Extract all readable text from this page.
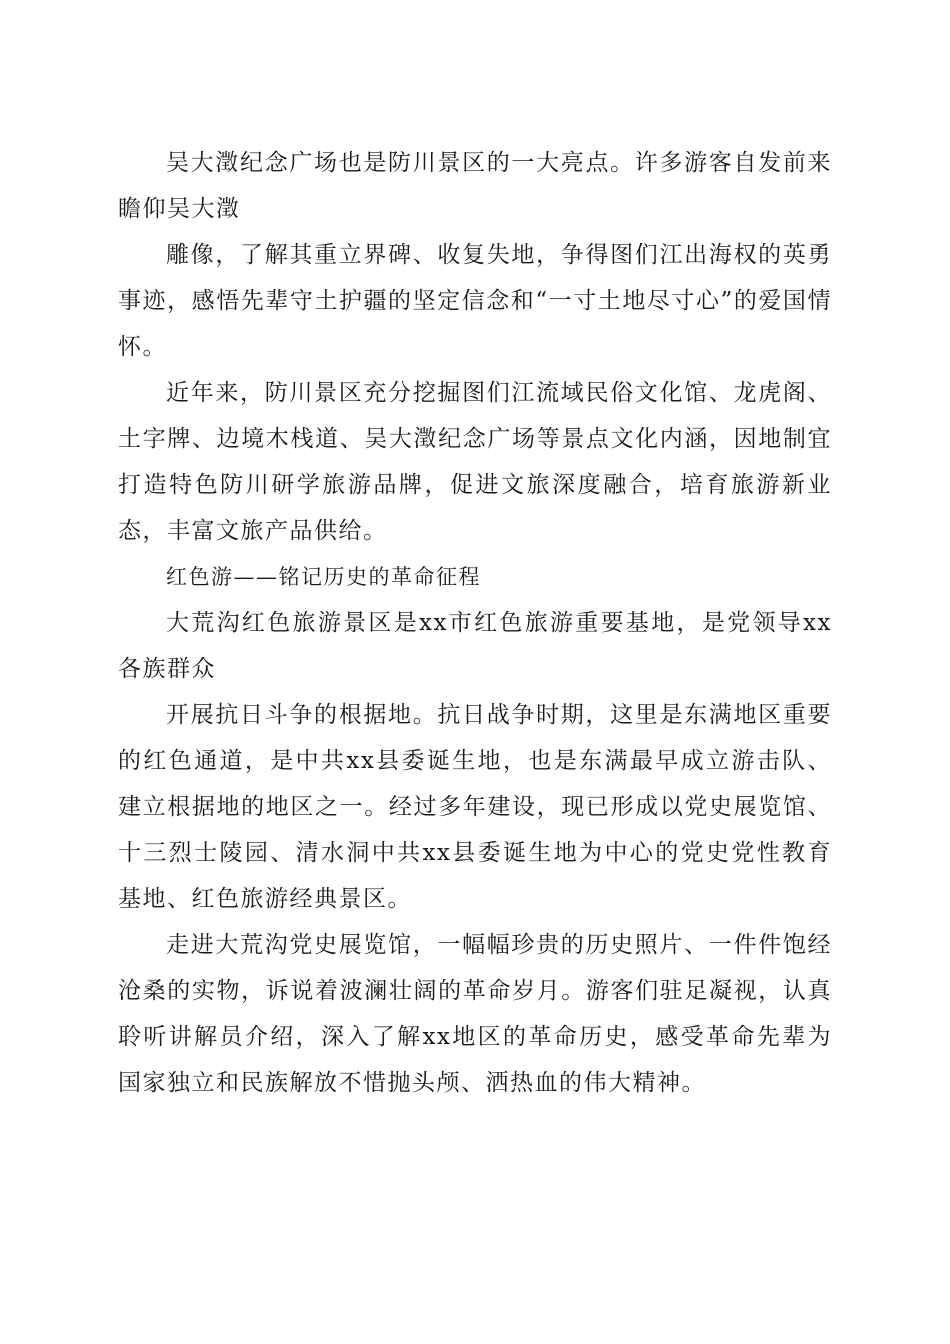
吴大澂纪念广场也是防川景区的一大亮点。许多游客自发前来瞻仰吴大澂

雕像，了解其重立界碑、收复失地，争得图们江出海权的英勇事迹，感悟先辈守土护疆的坚定信念和“一寸土地尽寸心”的爱国情怀。

近年来，防川景区充分挖掘图们江流域民俗文化馆、龙虎阁、土字牌、边境木栈道、吴大澂纪念广场等景点文化内涵，因地制宜打造特色防川研学旅游品牌，促进文旅深度融合，培育旅游新业态，丰富文旅产品供给。

红色游——铭记历史的革命征程

大荒沟红色旅游景区是xx市红色旅游重要基地，是党领导xx各族群众

开展抗日斗争的根据地。抗日战争时期，这里是东满地区重要的红色通道，是中共xx县委诞生地，也是东满最早成立游击队、建立根据地的地区之一。经过多年建设，现已形成以党史展览馆、十三烈士陵园、清水洞中共xx县委诞生地为中心的党史党性教育基地、红色旅游经典景区。

走进大荒沟党史展览馆，一幅幅珍贵的历史照片、一件件饱经沧桑的实物，诉说着波澜壮阔的革命岁月。游客们驻足凝视，认真聆听讲解员介绍，深入了解xx地区的革命历史，感受革命先辈为国家独立和民族解放不惜抛头颅、洒热血的伟大精神。
